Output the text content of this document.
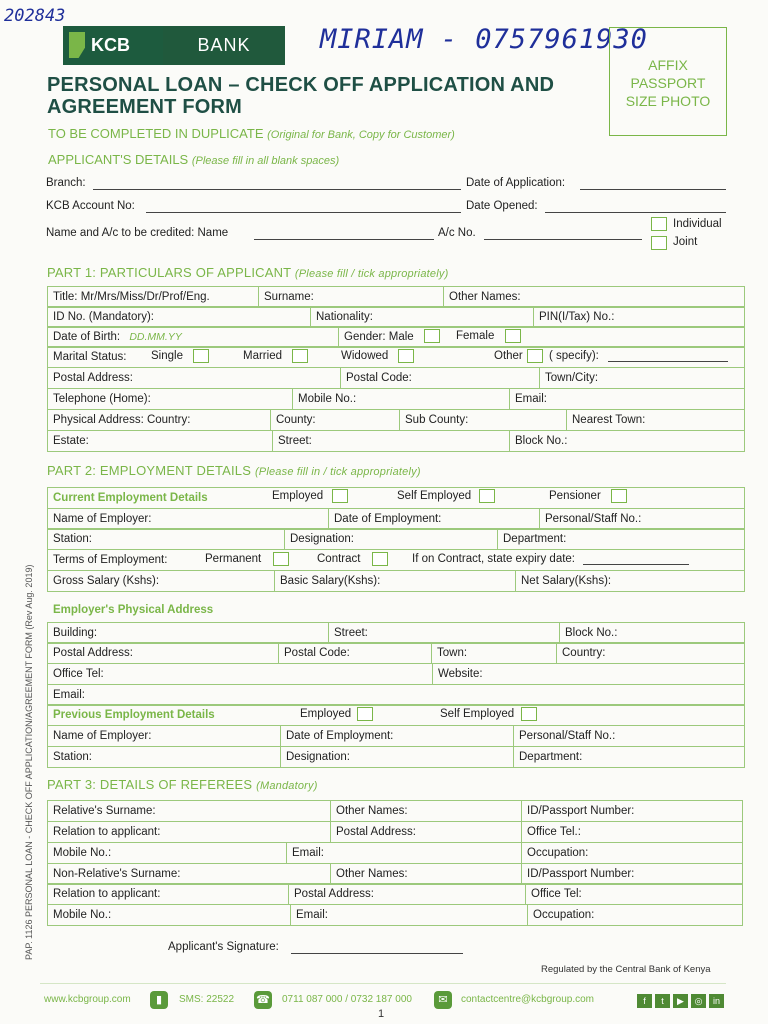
202843
MIRIAM - 0757961930
KCB	BANK
PERSONAL LOAN – CHECK OFF APPLICATION AND
AGREEMENT FORM
AFFIX
PASSPORT
SIZE PHOTO
TO BE COMPLETED IN DUPLICATE (Original for Bank, Copy for Customer)
APPLICANT'S DETAILS (Please fill in all blank spaces)
Branch:	Date of Application:
KCB Account No:	Date Opened:
Name and A/c to be credited: Name	A/c No.
Individual
Joint
PART 1: PARTICULARS OF APPLICANT (Please fill / tick appropriately)
Title: Mr/Mrs/Miss/Dr/Prof/Eng.	Surname:	Other Names:
ID No. (Mandatory):	Nationality:	PIN(I/Tax) No.:
Date of Birth: DD.MM.YY	Gender: Male	Female
Marital Status: Single	Married	Widowed	Other ( specify):
Postal Address:	Postal Code:	Town/City:
Telephone (Home):	Mobile No.:	Email:
Physical Address: Country:	County:	Sub County:	Nearest Town:
Estate:	Street:	Block No.:
PART 2: EMPLOYMENT DETAILS (Please fill in / tick appropriately)
Current Employment Details	Employed	Self Employed	Pensioner
Name of Employer:	Date of Employment:	Personal/Staff No.:
Station:	Designation:	Department:
Terms of Employment:	Permanent	Contract	If on Contract, state expiry date:
Gross Salary (Kshs):	Basic Salary(Kshs):	Net Salary(Kshs):
Employer's Physical Address
Building:	Street:	Block No.:
Postal Address:	Postal Code:	Town:	Country:
Office Tel:	Website:
Email:
Previous Employment Details	Employed	Self Employed
Name of Employer:	Date of Employment:	Personal/Staff No.:
Station:	Designation:	Department:
PART 3: DETAILS OF REFEREES (Mandatory)
Relative's Surname:	Other Names:	ID/Passport Number:
Relation to applicant:	Postal Address:	Office Tel.:
Mobile No.:	Email:	Occupation:
Non-Relative's Surname:	Other Names:	ID/Passport Number:
Relation to applicant:	Postal Address:	Office Tel:
Mobile No.:	Email:	Occupation:
Applicant's Signature:
Regulated by the Central Bank of Kenya
PAP. 1126 PERSONAL LOAN - CHECK OFF APPLICATION/AGREEMENT FORM (Rev Aug. 2019)
www.kcbgroup.com	▮	SMS: 22522 ☎ 0711 087 000 / 0732 187 000	✉	contactcentre@kcbgroup.com	f	t	▶	◎	in
1
